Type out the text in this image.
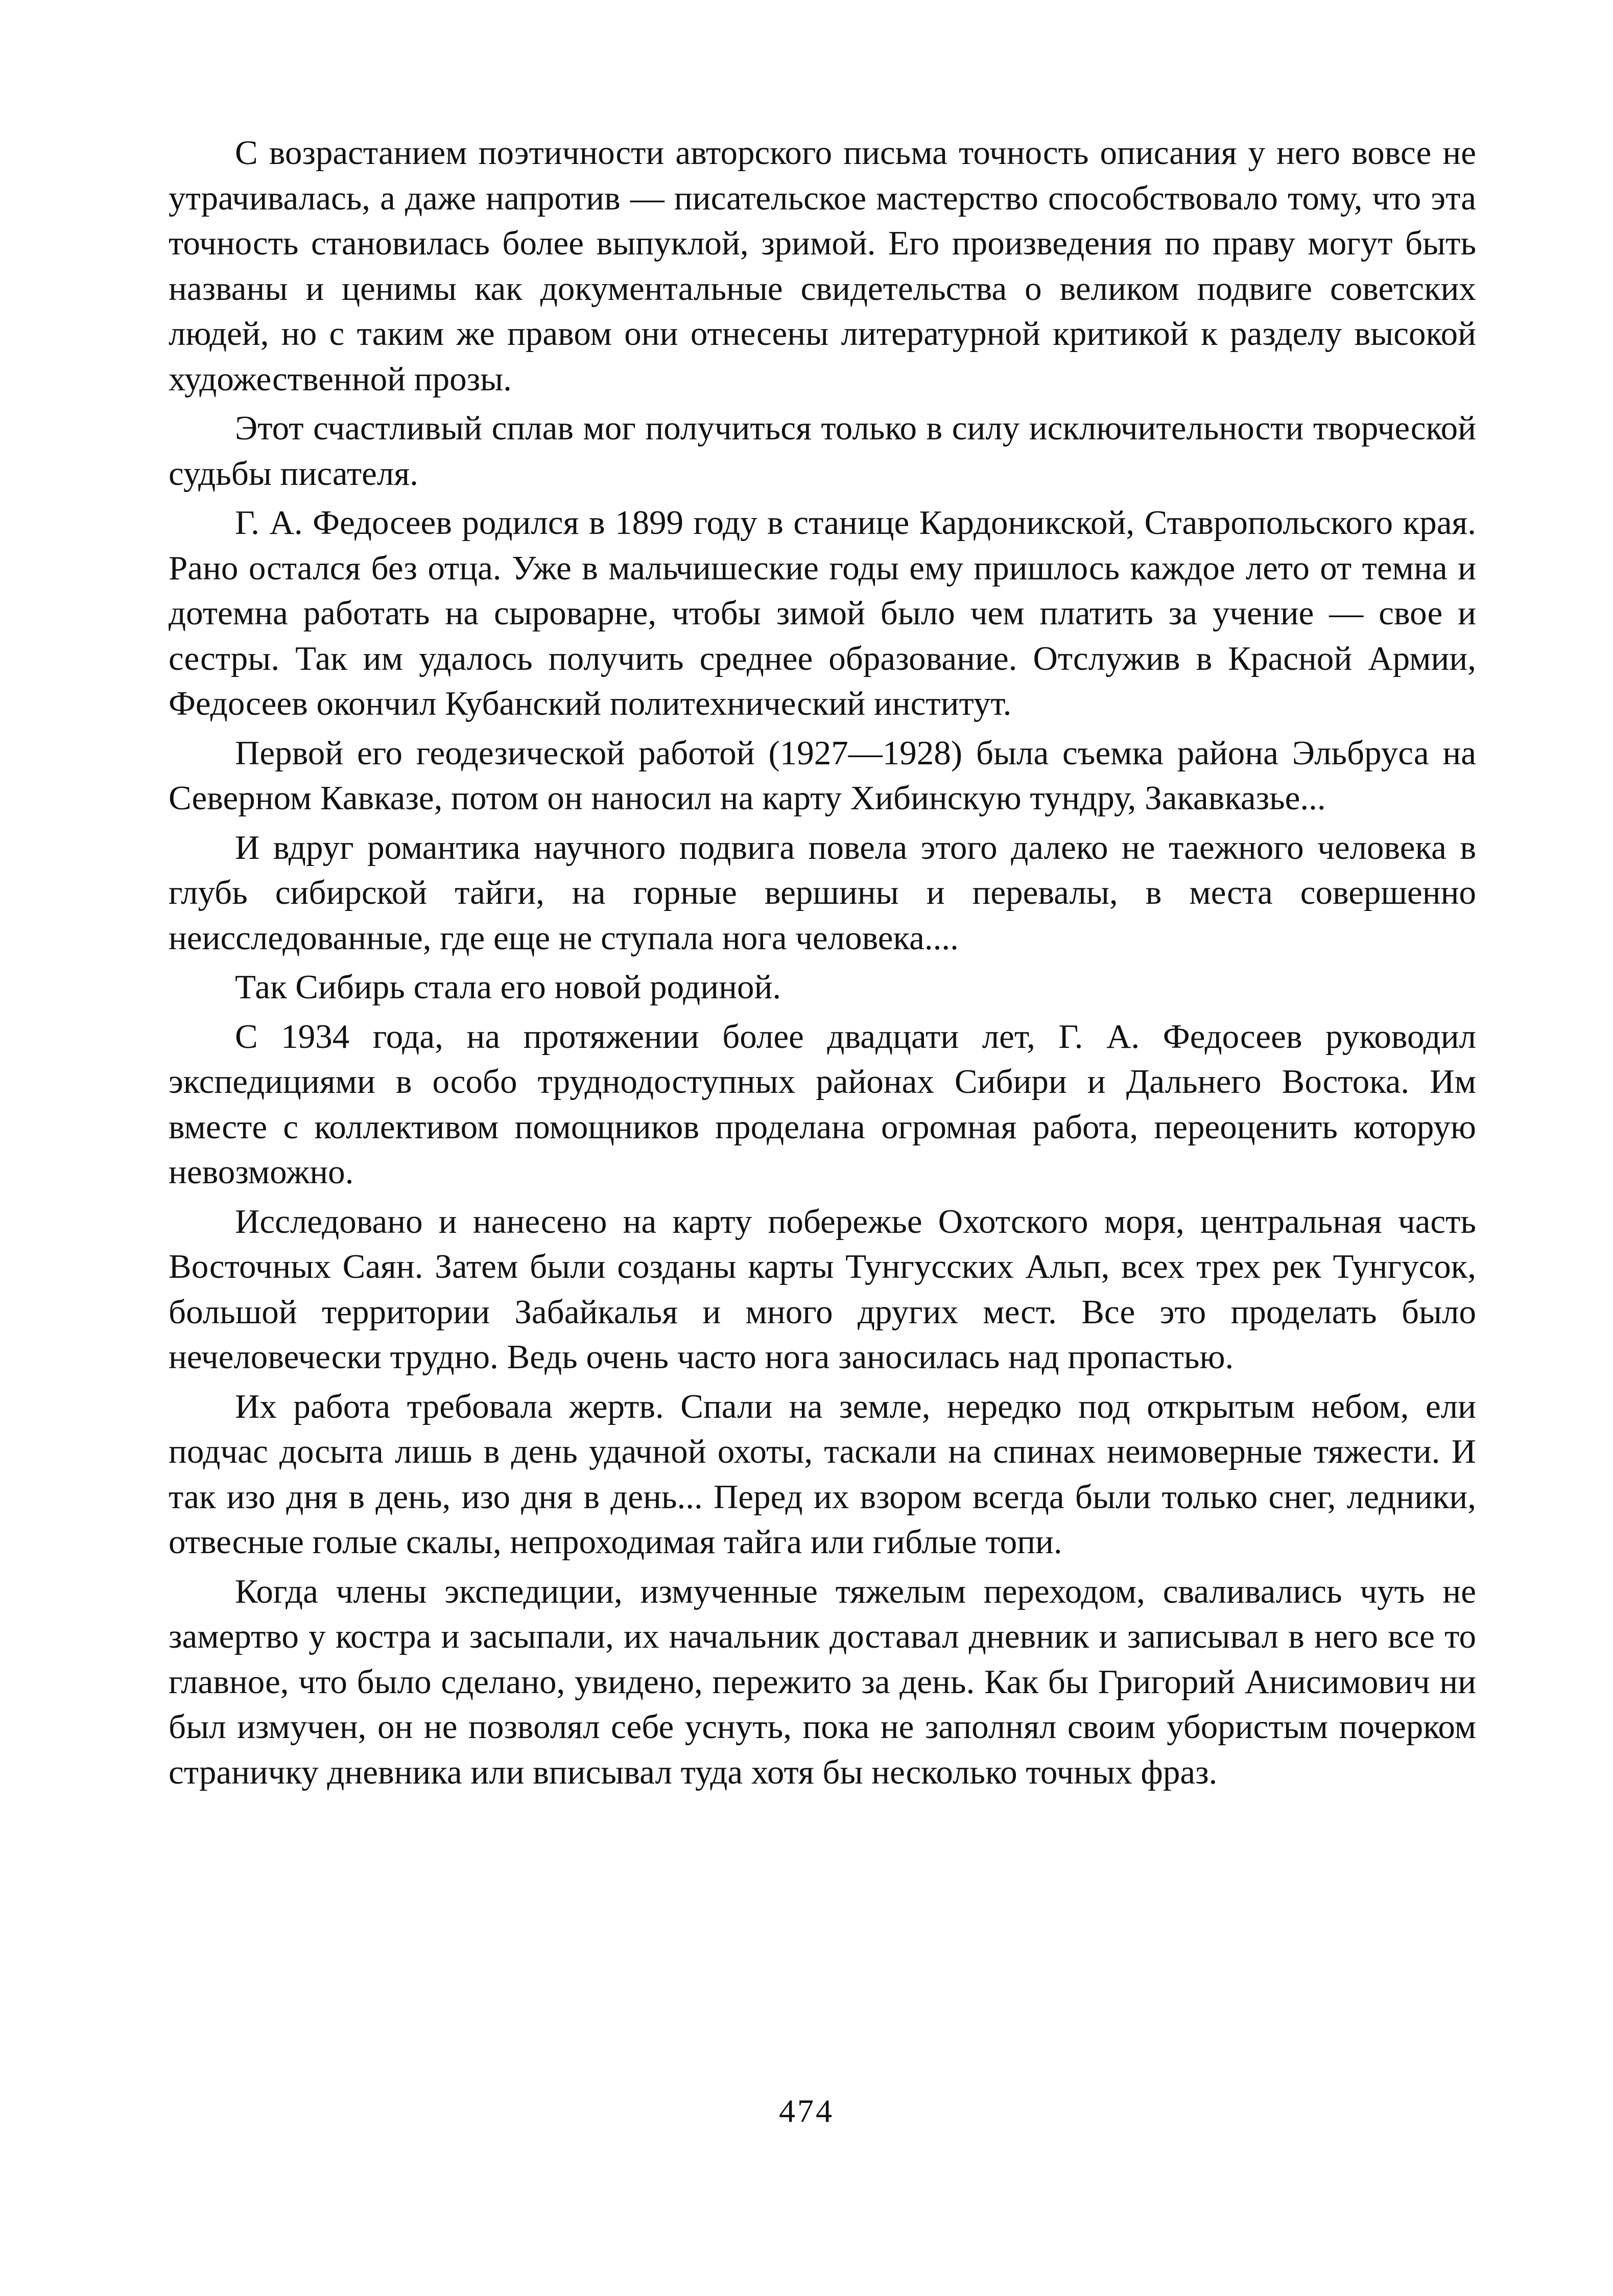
С возрастанием поэтичности авторского письма точность описания у него вовсе не утрачивалась, а даже напротив — писательское мастерство способствовало тому, что эта точность становилась более выпуклой, зримой. Его произведения по праву могут быть названы и ценимы как документальные свидетельства о великом подвиге советских людей, но с таким же правом они отнесены литературной критикой к разделу высокой художественной прозы.

Этот счастливый сплав мог получиться только в силу исключительности творческой судьбы писателя.

Г. А. Федосеев родился в 1899 году в станице Кардоникской, Ставропольского края. Рано остался без отца. Уже в мальчишеские годы ему пришлось каждое лето от темна и дотемна работать на сыроварне, чтобы зимой было чем платить за учение — свое и сестры. Так им удалось получить среднее образование. Отслужив в Красной Армии, Федосеев окончил Кубанский политехнический институт.

Первой его геодезической работой (1927—1928) была съемка района Эльбруса на Северном Кавказе, потом он наносил на карту Хибинскую тундру, Закавказье...

И вдруг романтика научного подвига повела этого далеко не таежного человека в глубь сибирской тайги, на горные вершины и перевалы, в места совершенно неисследованные, где еще не ступала нога человека....

Так Сибирь стала его новой родиной.

С 1934 года, на протяжении более двадцати лет, Г. А. Федосеев руководил экспедициями в особо труднодоступных районах Сибири и Дальнего Востока. Им вместе с коллективом помощников проделана огромная работа, переоценить которую невозможно.

Исследовано и нанесено на карту побережье Охотского моря, центральная часть Восточных Саян. Затем были созданы карты Тунгусских Альп, всех трех рек Тунгусок, большой территории Забайкалья и много других мест. Все это проделать было нечеловечески трудно. Ведь очень часто нога заносилась над пропастью.

Их работа требовала жертв. Спали на земле, нередко под открытым небом, ели подчас досыта лишь в день удачной охоты, таскали на спинах неимоверные тяжести. И так изо дня в день, изо дня в день... Перед их взором всегда были только снег, ледники, отвесные голые скалы, непроходимая тайга или гиблые топи.

Когда члены экспедиции, измученные тяжелым переходом, сваливались чуть не замертво у костра и засыпали, их начальник доставал дневник и записывал в него все то главное, что было сделано, увидено, пережито за день. Как бы Григорий Анисимович ни был измучен, он не позволял себе уснуть, пока не заполнял своим убористым почерком страничку дневника или вписывал туда хотя бы несколько точных фраз.

474
